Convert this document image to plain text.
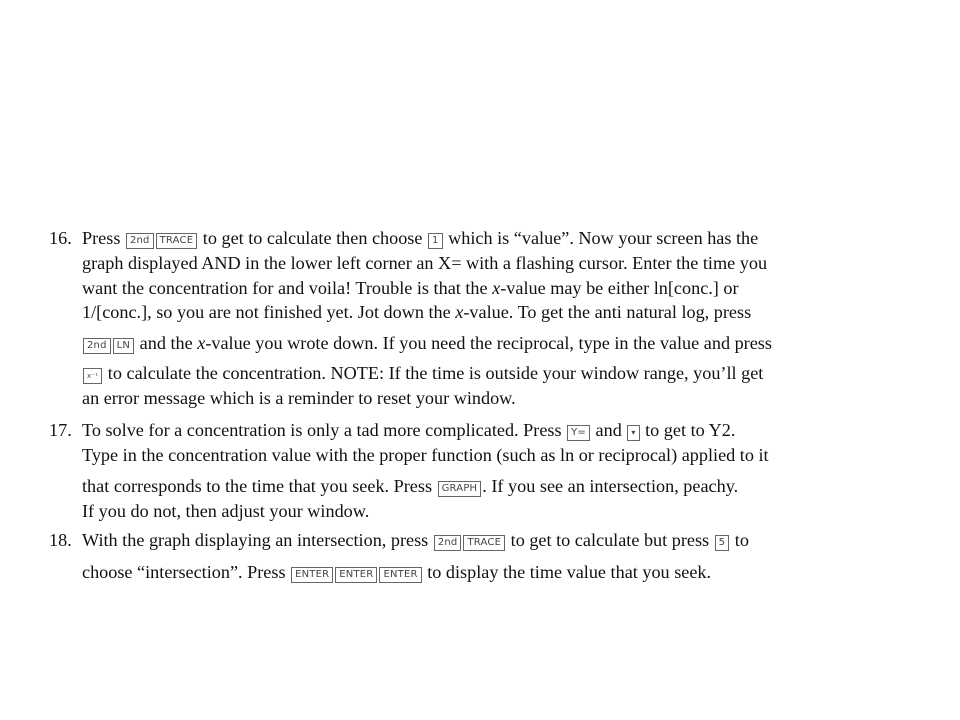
16. Press 2nd TRACE to get to calculate then choose 1 which is “value”. Now your screen has the
graph displayed AND in the lower left corner an X= with a flashing cursor. Enter the time you
want the concentration for and voila! Trouble is that the x-value may be either ln[conc.] or
1/[conc.], so you are not finished yet. Jot down the x-value. To get the anti natural log, press
2nd LN and the x-value you wrote down. If you need the reciprocal, type in the value and press
x⁻¹ to calculate the concentration. NOTE: If the time is outside your window range, you’ll get
an error message which is a reminder to reset your window.
17. To solve for a concentration is only a tad more complicated. Press Y= and ▾ to get to Y2.
Type in the concentration value with the proper function (such as ln or reciprocal) applied to it
that corresponds to the time that you seek. Press GRAPH . If you see an intersection, peachy.
If you do not, then adjust your window.
18. With the graph displaying an intersection, press 2nd TRACE to get to calculate but press 5 to
choose “intersection”. Press ENTER ENTER ENTER to display the time value that you seek.
